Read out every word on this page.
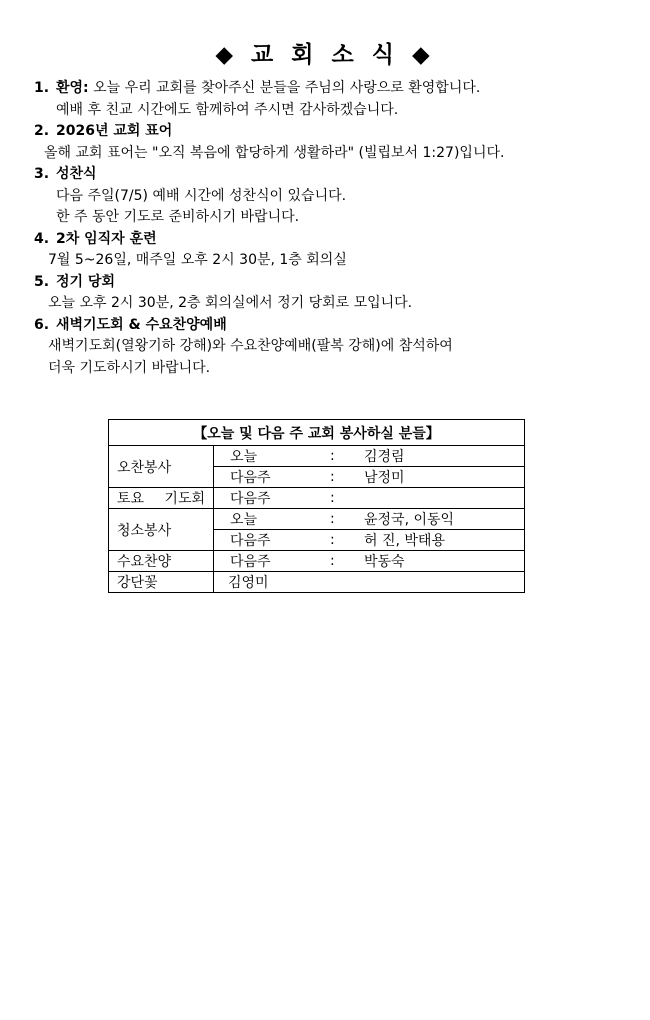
◆ 교 회 소 식 ◆
1. 환영: 오늘 우리 교회를 찾아주신 분들을 주님의 사랑으로 환영합니다.
예배 후 친교 시간에도 함께하여 주시면 감사하겠습니다.
2. 2026년 교회 표어
올해 교회 표어는 "오직 복음에 합당하게 생활하라" (빌립보서 1:27)입니다.
3. 성찬식
다음 주일(7/5) 예배 시간에 성찬식이 있습니다.
한 주 동안 기도로 준비하시기 바랍니다.
4. 2차 임직자 훈련
7월 5~26일, 매주일 오후 2시 30분, 1층 회의실
5. 정기 당회
오늘 오후 2시 30분, 2층 회의실에서 정기 당회로 모입니다.
6. 새벽기도회 & 수요찬양예배
새벽기도회(열왕기하 강해)와 수요찬양예배(팔복 강해)에 참석하여
더욱 기도하시기 바랍니다.
【오늘 및 다음 주 교회 봉사하실 분들】			
오찬봉사	오늘	:	김경림
	다음주	:	남정미
토요 기도회	다음주	:	
청소봉사	오늘	:	윤정국, 이동익
	다음주	:	허 진, 박태용
수요찬양	다음주	:	박동숙
강단꽃	김영미		
